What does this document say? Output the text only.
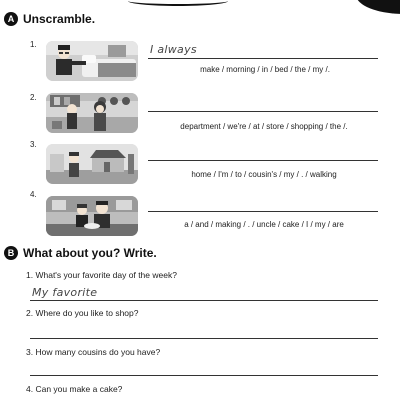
A Unscramble.
1.	I always
make / morning / in / bed / the / my /.
2.
department / we're / at / store / shopping / the /.
3.
home / I'm / to / cousin's / my / . / walking
4.
a / and / making / . / uncle / cake / I / my / are
B What about you? Write.
1. What's your favorite day of the week?
My favorite
2. Where do you like to shop?
3. How many cousins do you have?
4. Can you make a cake?
